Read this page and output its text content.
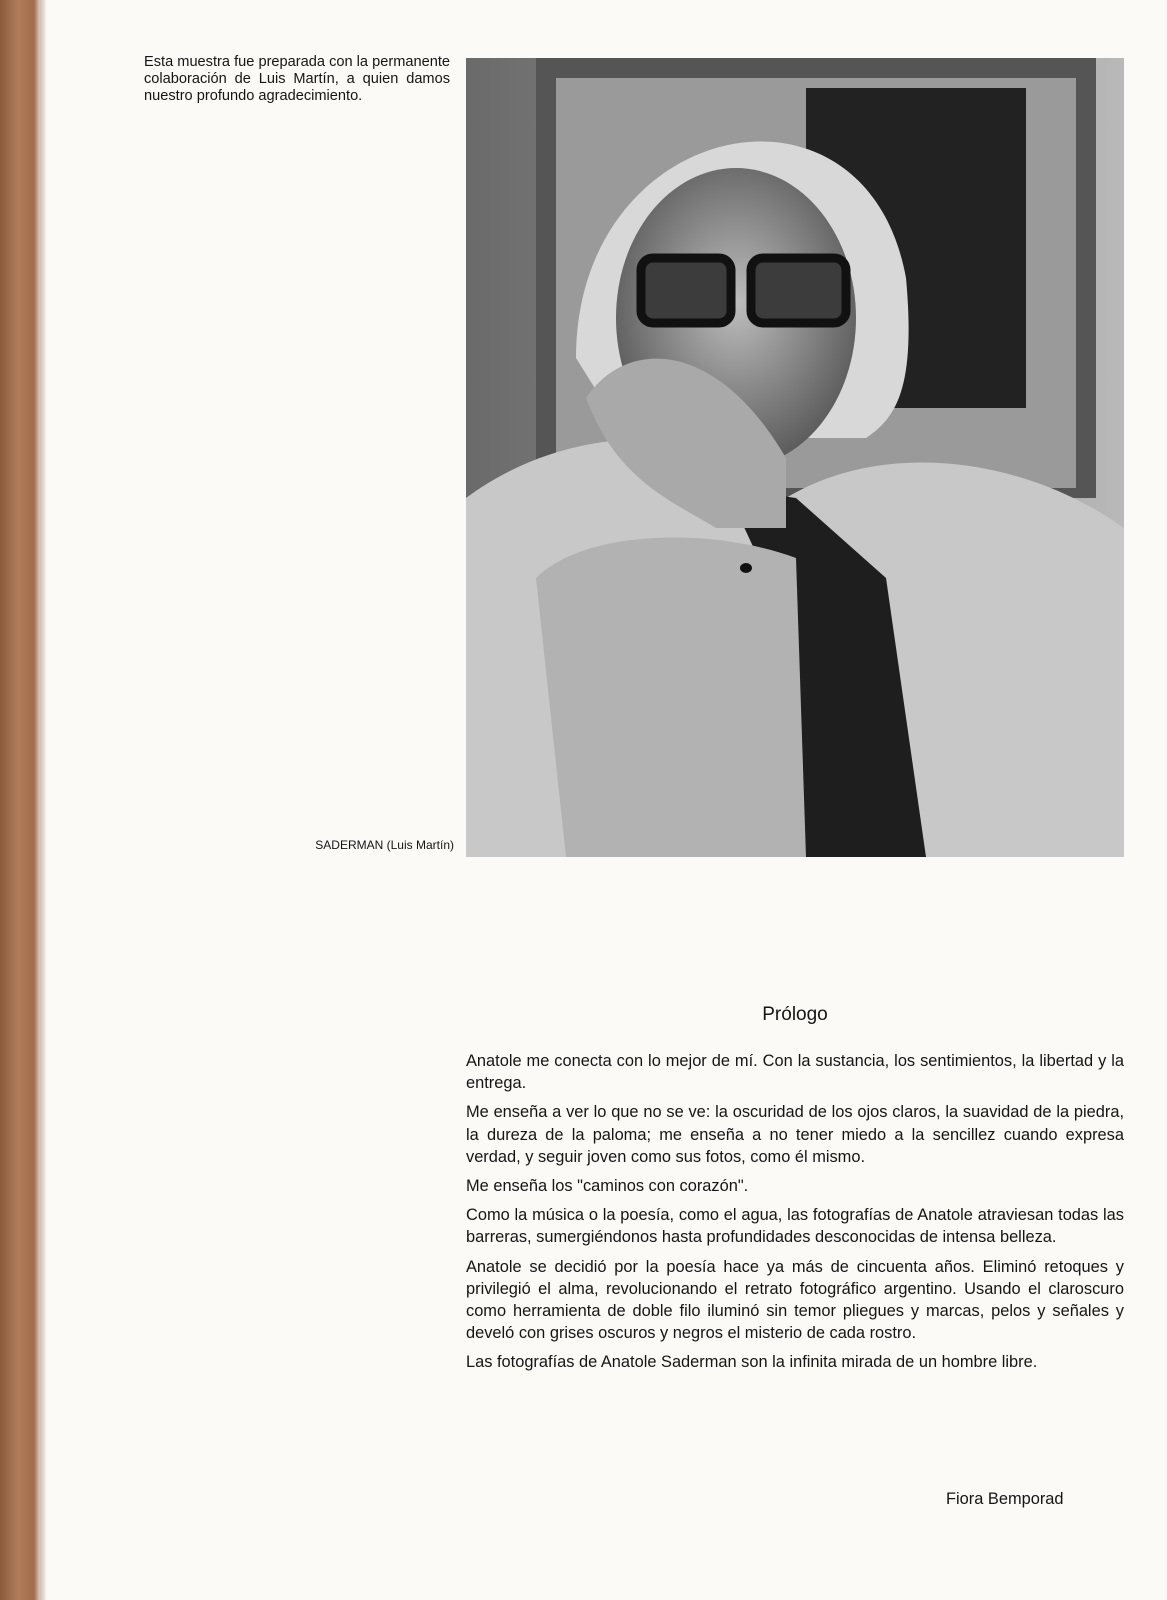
Esta muestra fue preparada con la permanente colaboración de Luis Martín, a quien damos nuestro profundo agradecimiento.
SADERMAN (Luis Martín)
Prólogo

Anatole me conecta con lo mejor de mí. Con la sustancia, los sentimientos, la libertad y la entrega.

Me enseña a ver lo que no se ve: la oscuridad de los ojos claros, la suavidad de la piedra, la dureza de la paloma; me enseña a no tener miedo a la sencillez cuando expresa verdad, y seguir joven como sus fotos, como él mismo.

Me enseña los "caminos con corazón".

Como la música o la poesía, como el agua, las fotografías de Anatole atraviesan todas las barreras, sumergiéndonos hasta profundidades desconocidas de intensa belleza.

Anatole se decidió por la poesía hace ya más de cincuenta años. Eliminó retoques y privilegió el alma, revolucionando el retrato fotográfico argentino. Usando el claroscuro como herramienta de doble filo iluminó sin temor pliegues y marcas, pelos y señales y develó con grises oscuros y negros el misterio de cada rostro.

Las fotografías de Anatole Saderman son la infinita mirada de un hombre libre.

Fiora Bemporad
